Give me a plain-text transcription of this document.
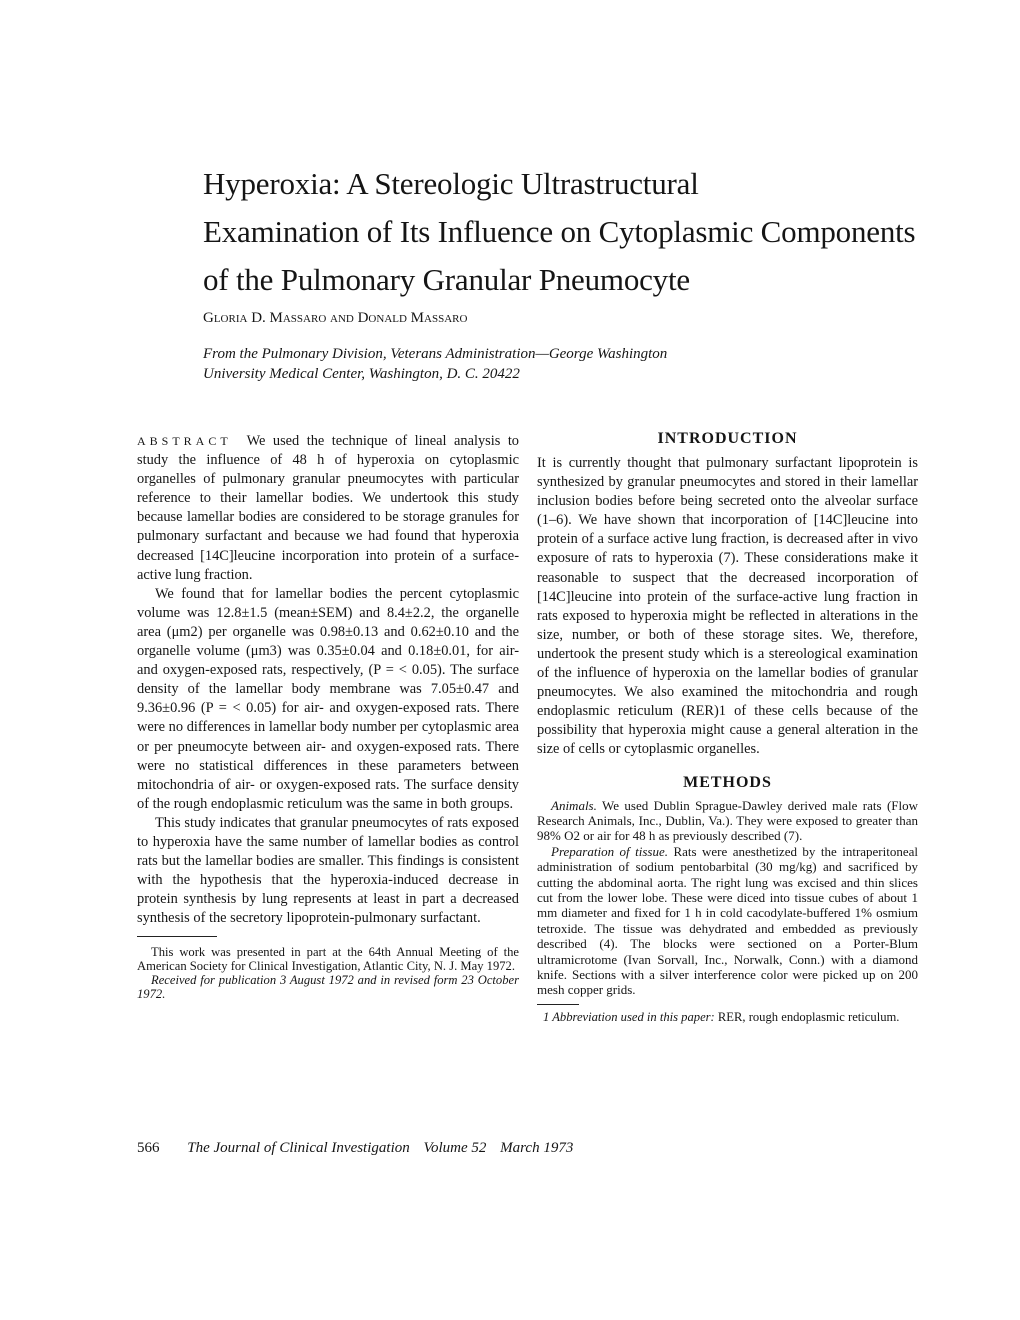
Hyperoxia: A Stereologic Ultrastructural
Examination of Its Influence on Cytoplasmic Components
of the Pulmonary Granular Pneumocyte

Gloria D. Massaro and Donald Massaro

From the Pulmonary Division, Veterans Administration—George Washington
University Medical Center, Washington, D. C. 20422

ABSTRACT We used the technique of lineal analysis to study the influence of 48 h of hyperoxia on cytoplasmic organelles of pulmonary granular pneumocytes with particular reference to their lamellar bodies. We undertook this study because lamellar bodies are considered to be storage granules for pulmonary surfactant and because we had found that hyperoxia decreased [14C]leucine incorporation into protein of a surface-active lung fraction.

We found that for lamellar bodies the percent cytoplasmic volume was 12.8±1.5 (mean±SEM) and 8.4±2.2, the organelle area (μm2) per organelle was 0.98±0.13 and 0.62±0.10 and the organelle volume (μm3) was 0.35±0.04 and 0.18±0.01, for air- and oxygen-exposed rats, respectively, (P = < 0.05). The surface density of the lamellar body membrane was 7.05±0.47 and 9.36±0.96 (P = < 0.05) for air- and oxygen-exposed rats. There were no differences in lamellar body number per cytoplasmic area or per pneumocyte between air- and oxygen-exposed rats. There were no statistical differences in these parameters between mitochondria of air- or oxygen-exposed rats. The surface density of the rough endoplasmic reticulum was the same in both groups.

This study indicates that granular pneumocytes of rats exposed to hyperoxia have the same number of lamellar bodies as control rats but the lamellar bodies are smaller. This findings is consistent with the hypothesis that the hyperoxia-induced decrease in protein synthesis by lung represents at least in part a decreased synthesis of the secretory lipoprotein-pulmonary surfactant.

This work was presented in part at the 64th Annual Meeting of the American Society for Clinical Investigation, Atlantic City, N. J. May 1972.

Received for publication 3 August 1972 and in revised form 23 October 1972.

INTRODUCTION

It is currently thought that pulmonary surfactant lipoprotein is synthesized by granular pneumocytes and stored in their lamellar inclusion bodies before being secreted onto the alveolar surface (1–6). We have shown that incorporation of [14C]leucine into protein of a surface active lung fraction, is decreased after in vivo exposure of rats to hyperoxia (7). These considerations make it reasonable to suspect that the decreased incorporation of [14C]leucine into protein of the surface-active lung fraction in rats exposed to hyperoxia might be reflected in alterations in the size, number, or both of these storage sites. We, therefore, undertook the present study which is a stereological examination of the influence of hyperoxia on the lamellar bodies of granular pneumocytes. We also examined the mitochondria and rough endoplasmic reticulum (RER)1 of these cells because of the possibility that hyperoxia might cause a general alteration in the size of cells or cytoplasmic organelles.

METHODS

Animals. We used Dublin Sprague-Dawley derived male rats (Flow Research Animals, Inc., Dublin, Va.). They were exposed to greater than 98% O2 or air for 48 h as previously described (7).

Preparation of tissue. Rats were anesthetized by the intraperitoneal administration of sodium pentobarbital (30 mg/kg) and sacrificed by cutting the abdominal aorta. The right lung was excised and thin slices cut from the lower lobe. These were diced into tissue cubes of about 1 mm diameter and fixed for 1 h in cold cacodylate-buffered 1% osmium tetroxide. The tissue was dehydrated and embedded as previously described (4). The blocks were sectioned on a Porter-Blum ultramicrotome (Ivan Sorvall, Inc., Norwalk, Conn.) with a diamond knife. Sections with a silver interference color were picked up on 200 mesh copper grids.

1 Abbreviation used in this paper: RER, rough endoplasmic reticulum.

566 The Journal of Clinical Investigation Volume 52 March 1973
